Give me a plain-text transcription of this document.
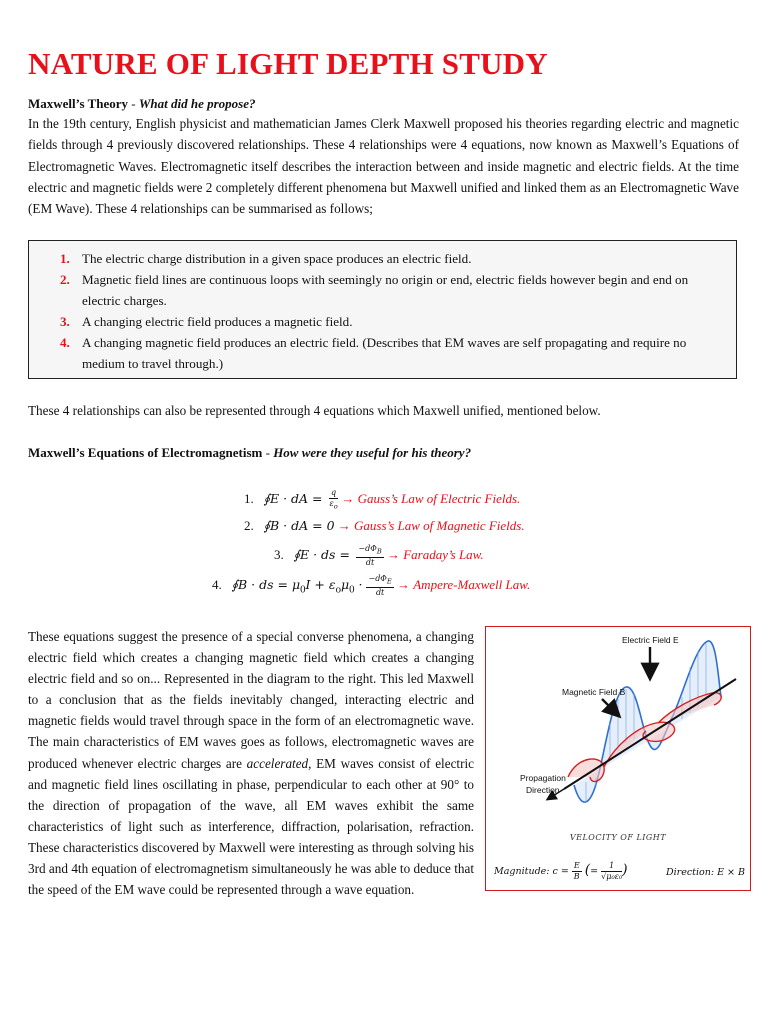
NATURE OF LIGHT DEPTH STUDY
Maxwell’s Theory - What did he propose?

In the 19th century, English physicist and mathematician James Clerk Maxwell proposed his theories regarding electric and magnetic fields through 4 previously discovered relationships. These 4 relationships were 4 equations, now known as Maxwell’s Equations of Electromagnetic Waves. Electromagnetic itself describes the interaction between and inside magnetic and electric fields. At the time electric and magnetic fields were 2 completely different phenomena but Maxwell unified and linked them as an Electromagnetic Wave (EM Wave). These 4 relationships can be summarised as follows;

1. The electric charge distribution in a given space produces an electric field.
2. Magnetic field lines are continuous loops with seemingly no origin or end, electric fields however begin and end on electric charges.
3. A changing electric field produces a magnetic field.
4. A changing magnetic field produces an electric field. (Describes that EM waves are self propagating and require no medium to travel through.)

These 4 relationships can also be represented through 4 equations which Maxwell unified, mentioned below.

Maxwell’s Equations of Electromagnetism - How were they useful for his theory?
1. ∮E · dA = $\frac{q}{\varepsilon_o}$ → Gauss’s Law of Electric Fields.
2. ∮B · dA = 0 → Gauss’s Law of Magnetic Fields.
3. ∮E · ds = $\frac{-d\Phi_B}{dt}$ → Faraday’s Law.
4. ∮B · ds = $\mu_0I + \varepsilon_o\mu_0 \cdot \frac{-d\Phi_E}{dt}$ → Ampere-Maxwell Law.

These equations suggest the presence of a special converse phenomena, a changing electric field which creates a changing magnetic field which creates a changing electric field and so on... Represented in the diagram to the right. This led Maxwell to a conclusion that as the fields inevitably changed, interacting electric and magnetic fields would travel through space in the form of an electromagnetic wave. The main characteristics of EM waves goes as follows, electromagnetic waves are produced whenever electric charges are accelerated, EM waves consist of electric and magnetic field lines oscillating in phase, perpendicular to each other at 90° to the direction of propagation of the wave, all EM waves exhibit the same characteristics of light such as interference, diffraction, polarisation, refraction. These characteristics discovered by Maxwell were interesting as through solving his 3rd and 4th equation of electromagnetism simultaneously he was able to deduce that the speed of the EM wave could be represented through a wave equation.

Electric Field E
Magnetic Field B
Propagation
Direction
VELOCITY OF LIGHT
Magnitude: $c = \frac{E}{B}$ (= $\frac{1}{\text{√μ₀ε₀}}$ )	Direction: E × B
